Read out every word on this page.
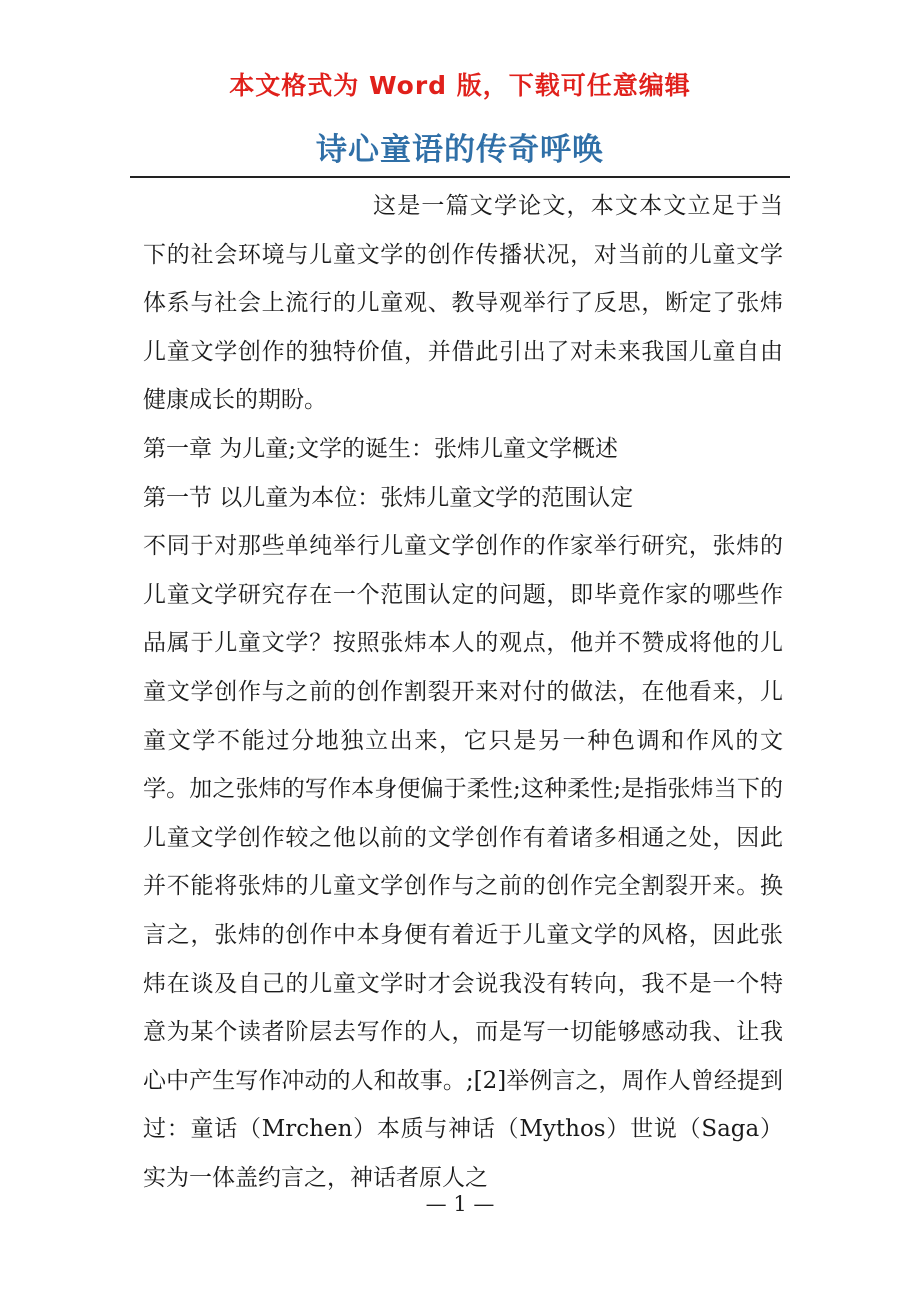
本文格式为 Word 版，下载可任意编辑
诗心童语的传奇呼唤

这是一篇文学论文，本文本文立足于当下的社会环境与儿童文学的创作传播状况，对当前的儿童文学体系与社会上流行的儿童观、教导观举行了反思，断定了张炜儿童文学创作的独特价值，并借此引出了对未来我国儿童自由健康成长的期盼。

第一章 为儿童;文学的诞生：张炜儿童文学概述

第一节 以儿童为本位：张炜儿童文学的范围认定

不同于对那些单纯举行儿童文学创作的作家举行研究，张炜的儿童文学研究存在一个范围认定的问题，即毕竟作家的哪些作品属于儿童文学？按照张炜本人的观点，他并不赞成将他的儿童文学创作与之前的创作割裂开来对付的做法，在他看来，儿童文学不能过分地独立出来，它只是另一种色调和作风的文学。加之张炜的写作本身便偏于柔性;这种柔性;是指张炜当下的儿童文学创作较之他以前的文学创作有着诸多相通之处，因此并不能将张炜的儿童文学创作与之前的创作完全割裂开来。换言之，张炜的创作中本身便有着近于儿童文学的风格，因此张炜在谈及自己的儿童文学时才会说我没有转向，我不是一个特意为某个读者阶层去写作的人，而是写一切能够感动我、让我心中产生写作冲动的人和故事。;[2]举例言之，周作人曾经提到过：童话（Mrchen）本质与神话（Mythos）世说（Saga）实为一体盖约言之，神话者原人之

— 1 —
